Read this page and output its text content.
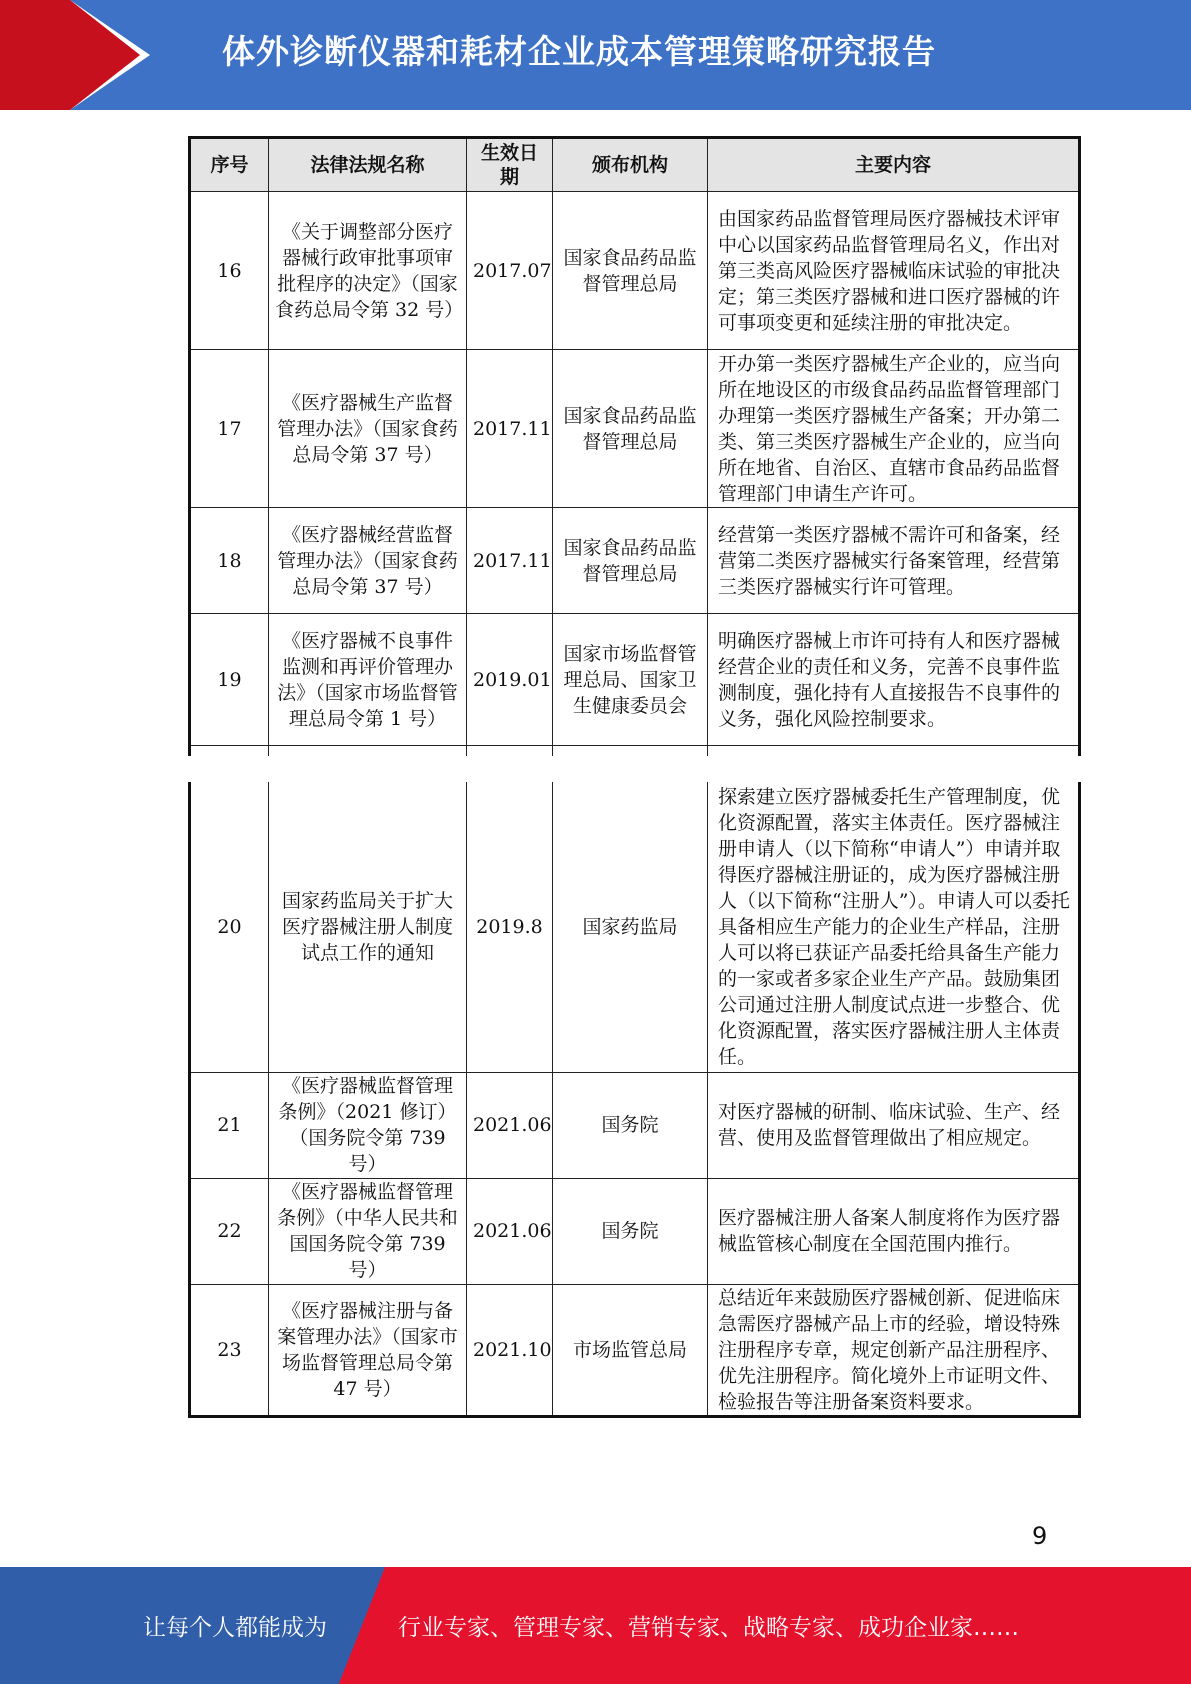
体外诊断仪器和耗材企业成本管理策略研究报告
序号	法律法规名称	生效日期	颁布机构	主要内容
16	《关于调整部分医疗器械行政审批事项审批程序的决定》（国家食药总局令第 32 号）	2017.07	国家食品药品监督管理总局	由国家药品监督管理局医疗器械技术评审中心以国家药品监督管理局名义，作出对第三类高风险医疗器械临床试验的审批决定；第三类医疗器械和进口医疗器械的许可事项变更和延续注册的审批决定。
17	《医疗器械生产监督管理办法》（国家食药总局令第 37 号）	2017.11	国家食品药品监督管理总局	开办第一类医疗器械生产企业的，应当向所在地设区的市级食品药品监督管理部门办理第一类医疗器械生产备案；开办第二类、第三类医疗器械生产企业的，应当向所在地省、自治区、直辖市食品药品监督管理部门申请生产许可。
18	《医疗器械经营监督管理办法》（国家食药总局令第 37 号）	2017.11	国家食品药品监督管理总局	经营第一类医疗器械不需许可和备案，经营第二类医疗器械实行备案管理，经营第三类医疗器械实行许可管理。
19	《医疗器械不良事件监测和再评价管理办法》（国家市场监督管理总局令第 1 号）	2019.01	国家市场监督管理总局、国家卫生健康委员会	明确医疗器械上市许可持有人和医疗器械经营企业的责任和义务，完善不良事件监测制度，强化持有人直接报告不良事件的义务，强化风险控制要求。

20	国家药监局关于扩大医疗器械注册人制度试点工作的通知	2019.8	国家药监局	探索建立医疗器械委托生产管理制度，优化资源配置，落实主体责任。医疗器械注册申请人（以下简称“申请人”）申请并取得医疗器械注册证的，成为医疗器械注册人（以下简称“注册人”）。申请人可以委托具备相应生产能力的企业生产样品，注册人可以将已获证产品委托给具备生产能力的一家或者多家企业生产产品。鼓励集团公司通过注册人制度试点进一步整合、优化资源配置，落实医疗器械注册人主体责任。
21	《医疗器械监督管理条例》（2021 修订）（国务院令第 739 号）	2021.06	国务院	对医疗器械的研制、临床试验、生产、经营、使用及监督管理做出了相应规定。
22	《医疗器械监督管理条例》（中华人民共和国国务院令第 739 号）	2021.06	国务院	医疗器械注册人备案人制度将作为医疗器械监管核心制度在全国范围内推行。
23	《医疗器械注册与备案管理办法》（国家市场监督管理总局令第 47 号）	2021.10	市场监管总局	总结近年来鼓励医疗器械创新、促进临床急需医疗器械产品上市的经验，增设特殊注册程序专章，规定创新产品注册程序、优先注册程序。简化境外上市证明文件、检验报告等注册备案资料要求。
9
让每个人都能成为	行业专家、管理专家、营销专家、战略专家、成功企业家……
